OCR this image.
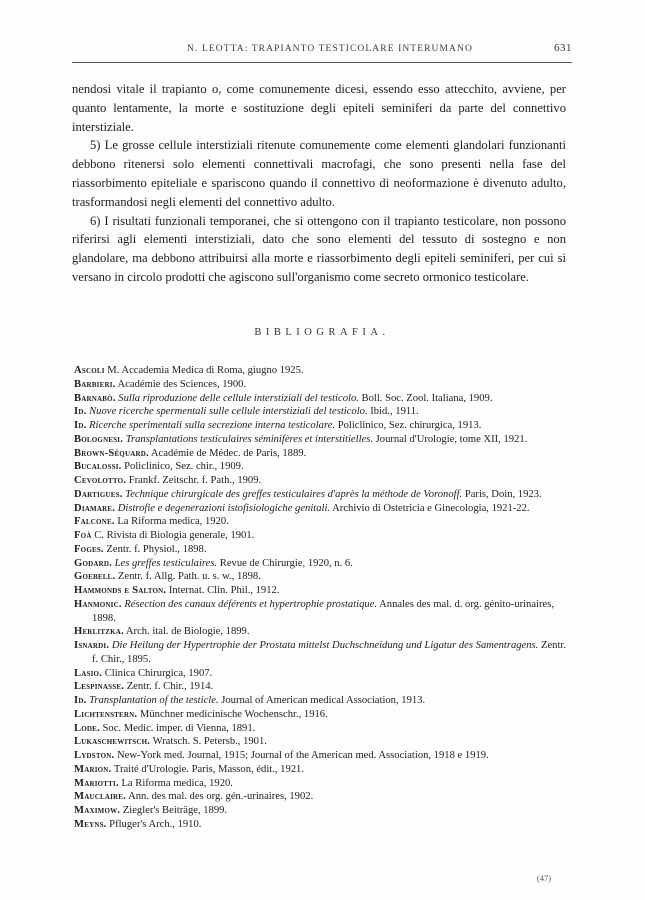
N. LEOTTA: TRAPIANTO TESTICOLARE INTERUMANO	631

nendosi vitale il trapianto o, come comunemente dicesi, essendo esso attecchito, avviene, per quanto lentamente, la morte e sostituzione degli epiteli seminiferi da parte del connettivo interstiziale.

5) Le grosse cellule interstiziali ritenute comunemente come elementi glandolari funzionanti debbono ritenersi solo elementi connettivali macrofagi, che sono presenti nella fase del riassorbimento epiteliale e spariscono quando il connettivo di neoformazione è divenuto adulto, trasformandosi negli elementi del connettivo adulto.

6) I risultati funzionali temporanei, che si ottengono con il trapianto testicolare, non possono riferirsi agli elementi interstiziali, dato che sono elementi del tessuto di sostegno e non glandolare, ma debbono attribuirsi alla morte e riassorbimento degli epiteli seminiferi, per cui si versano in circolo prodotti che agiscono sull'organismo come secreto ormonico testicolare.

BIBLIOGRAFIA.

Ascoli M. Accademia Medica di Roma, giugno 1925.

Barbieri. Académie des Sciences, 1900.

Barnabò. Sulla riproduzione delle cellule interstiziali del testicolo. Boll. Soc. Zool. Italiana, 1909.

Id. Nuove ricerche spermentali sulle cellule interstiziali del testicolo. Ibid., 1911.

Id. Ricerche sperimentali sulla secrezione interna testicolare. Policlinico, Sez. chirurgica, 1913.

Bolognesi. Transplantations testiculaires séminifères et interstitielles. Journal d'Urologie, tome XII, 1921.

Brown-Séquard. Académie de Médec. de Paris, 1889.

Bucalossi. Policlinico, Sez. chir., 1909.

Cevolotto. Frankf. Zeitschr. f. Path., 1909.

Dartigues. Technique chirurgicale des greffes testiculaires d'après la méthode de Voronoff. Paris, Doin, 1923.

Diamare. Distrofie e degenerazioni istofisiologiche genitali. Archivio di Ostetricia e Ginecologia, 1921-22.

Falcone. La Riforma medica, 1920.

Foà C. Rivista di Biologia generale, 1901.

Foges. Zentr. f. Physiol., 1898.

Godard. Les greffes testiculaires. Revue de Chirurgie, 1920, n. 6.

Goebell. Zentr. f. Allg. Path. u. s. w., 1898.

Hammonds e Salton. Internat. Clin. Phil., 1912.

Hanmonic. Résection des canaux déférents et hypertrophie prostatique. Annales des mal. d. org. génito-urinaires, 1898.

Herlitzka. Arch. ital. de Biologie, 1899.

Isnardi. Die Heilung der Hypertrophie der Prostata mittelst Duchschneidung und Ligatur des Samentragens. Zentr. f. Chir., 1895.

Lasio. Clinica Chirurgica, 1907.

Lespinasse. Zentr. f. Chir., 1914.

Id. Transplantation of the testicle. Journal of American medical Association, 1913.

Lichtenstern. Münchner medicinische Wochenschr., 1916.

Lode. Soc. Medic. imper. di Vienna, 1891.

Lukaschewitsch. Wratsch. S. Petersb., 1901.

Lydston. New-York med. Journal, 1915; Journal of the American med. Association, 1918 e 1919.

Marion. Traité d'Urologie. Paris, Masson, édit., 1921.

Mariotti. La Riforma medica, 1920.

Mauclaire. Ann. des mal. des org. gén.-urinaires, 1902.

Maximow. Ziegler's Beiträge, 1899.

Meyns. Pfluger's Arch., 1910.

(47)
